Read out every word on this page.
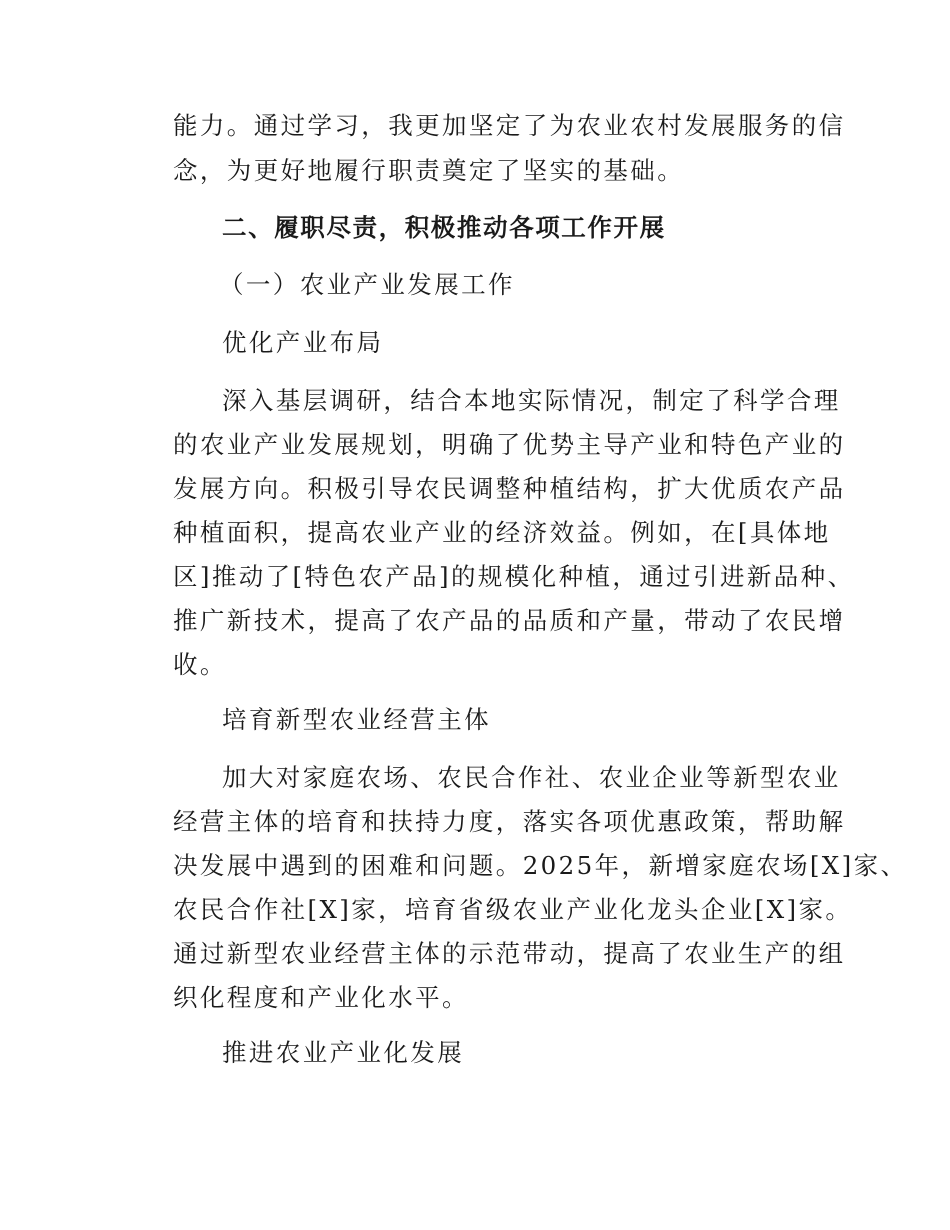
能力。通过学习，我更加坚定了为农业农村发展服务的信
念，为更好地履行职责奠定了坚实的基础。
二、履职尽责，积极推动各项工作开展
（一）农业产业发展工作
优化产业布局
深入基层调研，结合本地实际情况，制定了科学合理
的农业产业发展规划，明确了优势主导产业和特色产业的
发展方向。积极引导农民调整种植结构，扩大优质农产品
种植面积，提高农业产业的经济效益。例如，在[具体地
区]推动了[特色农产品]的规模化种植，通过引进新品种、
推广新技术，提高了农产品的品质和产量，带动了农民增
收。
培育新型农业经营主体
加大对家庭农场、农民合作社、农业企业等新型农业
经营主体的培育和扶持力度，落实各项优惠政策，帮助解
决发展中遇到的困难和问题。2025年，新增家庭农场[X]家、
农民合作社[X]家，培育省级农业产业化龙头企业[X]家。
通过新型农业经营主体的示范带动，提高了农业生产的组
织化程度和产业化水平。
推进农业产业化发展
